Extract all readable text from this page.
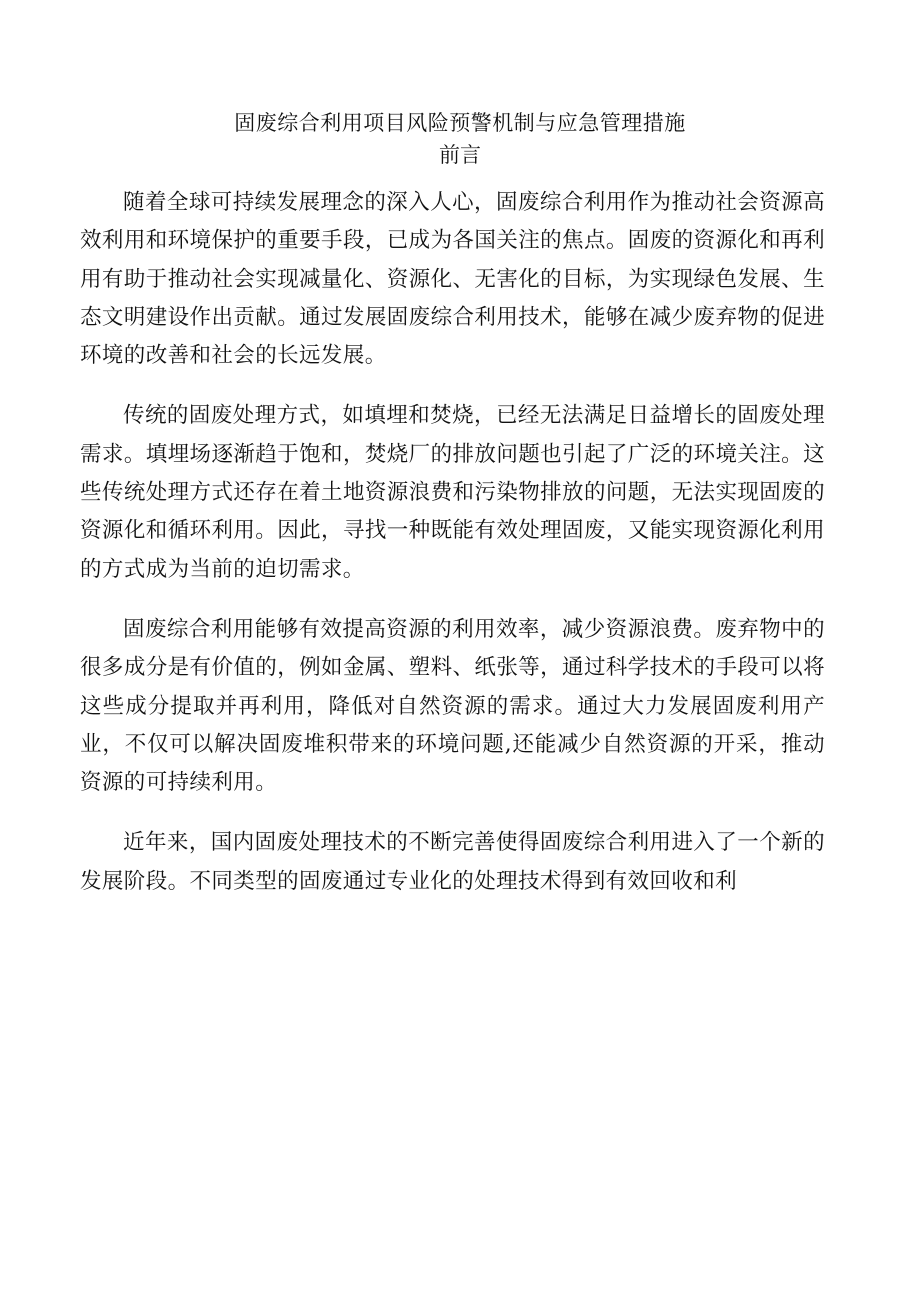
固废综合利用项目风险预警机制与应急管理措施
前言

随着全球可持续发展理念的深入人心，固废综合利用作为推动社会资源高效利用和环境保护的重要手段，已成为各国关注的焦点。固废的资源化和再利用有助于推动社会实现减量化、资源化、无害化的目标，为实现绿色发展、生态文明建设作出贡献。通过发展固废综合利用技术，能够在减少废弃物的促进环境的改善和社会的长远发展。

传统的固废处理方式，如填埋和焚烧，已经无法满足日益增长的固废处理需求。填埋场逐渐趋于饱和，焚烧厂的排放问题也引起了广泛的环境关注。这些传统处理方式还存在着土地资源浪费和污染物排放的问题，无法实现固废的资源化和循环利用。因此，寻找一种既能有效处理固废，又能实现资源化利用的方式成为当前的迫切需求。

固废综合利用能够有效提高资源的利用效率，减少资源浪费。废弃物中的很多成分是有价值的，例如金属、塑料、纸张等，通过科学技术的手段可以将这些成分提取并再利用，降低对自然资源的需求。通过大力发展固废利用产业，不仅可以解决固废堆积带来的环境问题,还能减少自然资源的开采，推动资源的可持续利用。

近年来，国内固废处理技术的不断完善使得固废综合利用进入了一个新的发展阶段。不同类型的固废通过专业化的处理技术得到有效回收和利
